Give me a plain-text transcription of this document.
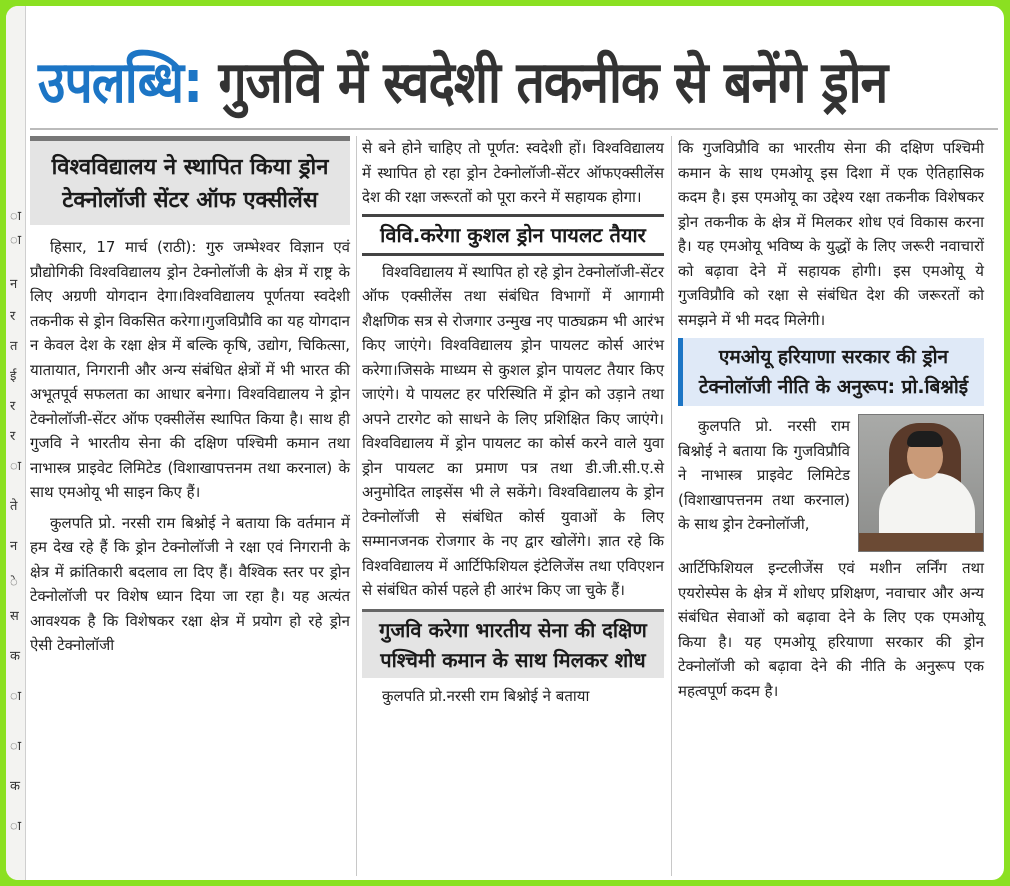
ा
ा
न
र
त
ई
र
र
ा
ते
न
े
स
क
ा
ा
क
ा
उपलब्धि: गुजवि में स्वदेशी तकनीक से बनेंगे ड्रोन
विश्वविद्यालय ने स्थापित किया ड्रोन टेक्नोलॉजी सेंटर ऑफ एक्सीलेंस

हिसार, 17 मार्च (राठी): गुरु जम्भेश्वर विज्ञान एवं प्रौद्योगिकी विश्वविद्यालय ड्रोन टेक्नोलॉजी के क्षेत्र में राष्ट्र के लिए अग्रणी योगदान देगा।विश्वविद्यालय पूर्णतया स्वदेशी तकनीक से ड्रोन विकसित करेगा।गुजविप्रौवि का यह योगदान न केवल देश के रक्षा क्षेत्र में बल्कि कृषि, उद्योग, चिकित्सा, यातायात, निगरानी और अन्य संबंधित क्षेत्रों में भी भारत की अभूतपूर्व सफलता का आधार बनेगा। विश्वविद्यालय ने ड्रोन टेक्नोलॉजी-सेंटर ऑफ एक्सीलेंस स्थापित किया है। साथ ही गुजवि ने भारतीय सेना की दक्षिण पश्चिमी कमान तथा नाभास्त्र प्राइवेट लिमिटेड (विशाखापत्तनम तथा करनाल) के साथ एमओयू भी साइन किए हैं।

कुलपति प्रो. नरसी राम बिश्नोई ने बताया कि वर्तमान में हम देख रहे हैं कि ड्रोन टेक्नोलॉजी ने रक्षा एवं निगरानी के क्षेत्र में क्रांतिकारी बदलाव ला दिए हैं। वैश्विक स्तर पर ड्रोन टेक्नोलॉजी पर विशेष ध्यान दिया जा रहा है। यह अत्यंत आवश्यक है कि विशेषकर रक्षा क्षेत्र में प्रयोग हो रहे ड्रोन ऐसी टेक्नोलॉजी

से बने होने चाहिए तो पूर्णत: स्वदेशी हों। विश्वविद्यालय में स्थापित हो रहा ड्रोन टेक्नोलॉजी-सेंटर ऑफएक्सीलेंस देश की रक्षा जरूरतों को पूरा करने में सहायक होगा।

विवि.करेगा कुशल ड्रोन पायलट तैयार

विश्वविद्यालय में स्थापित हो रहे ड्रोन टेक्नोलॉजी-सेंटर ऑफ एक्सीलेंस तथा संबंधित विभागों में आगामी शैक्षणिक सत्र से रोजगार उन्मुख नए पाठ्यक्रम भी आरंभ किए जाएंगे। विश्वविद्यालय ड्रोन पायलट कोर्स आरंभ करेगा।जिसके माध्यम से कुशल ड्रोन पायलट तैयार किए जाएंगे। ये पायलट हर परिस्थिति में ड्रोन को उड़ाने तथा अपने टारगेट को साधने के लिए प्रशिक्षित किए जाएंगे। विश्वविद्यालय में ड्रोन पायलट का कोर्स करने वाले युवा ड्रोन पायलट का प्रमाण पत्र तथा डी.जी.सी.ए.से अनुमोदित लाइसेंस भी ले सकेंगे। विश्वविद्यालय के ड्रोन टेक्नोलॉजी से संबंधित कोर्स युवाओं के लिए सम्मानजनक रोजगार के नए द्वार खोलेंगे। ज्ञात रहे कि विश्वविद्यालय में आर्टिफिशियल इंटेलिजेंस तथा एविएशन से संबंधित कोर्स पहले ही आरंभ किए जा चुके हैं।

गुजवि करेगा भारतीय सेना की दक्षिण पश्चिमी कमान के साथ मिलकर शोध

कुलपति प्रो.नरसी राम बिश्नोई ने बताया

कि गुजविप्रौवि का भारतीय सेना की दक्षिण पश्चिमी कमान के साथ एमओयू इस दिशा में एक ऐतिहासिक कदम है। इस एमओयू का उद्देश्य रक्षा तकनीक विशेषकर ड्रोन तकनीक के क्षेत्र में मिलकर शोध एवं विकास करना है। यह एमओयू भविष्य के युद्धों के लिए जरूरी नवाचारों को बढ़ावा देने में सहायक होगी। इस एमओयू ये गुजविप्रौवि को रक्षा से संबंधित देश की जरूरतों को समझने में भी मदद मिलेगी।

एमओयू हरियाणा सरकार की ड्रोन टेक्नोलॉजी नीति के अनुरूप: प्रो.बिश्नोई

कुलपति प्रो. नरसी राम बिश्नोई ने बताया कि गुजविप्रौवि ने नाभास्त्र प्राइवेट लिमिटेड (विशाखापत्तनम तथा करनाल) के साथ ड्रोन टेक्नोलॉजी,

आर्टिफिशियल इन्टलीजेंस एवं मशीन लर्निंग तथा एयरोस्पेस के क्षेत्र में शोधए प्रशिक्षण, नवाचार और अन्य संबंधित सेवाओं को बढ़ावा देने के लिए एक एमओयू किया है। यह एमओयू हरियाणा सरकार की ड्रोन टेक्नोलॉजी को बढ़ावा देने की नीति के अनुरूप एक महत्वपूर्ण कदम है।
